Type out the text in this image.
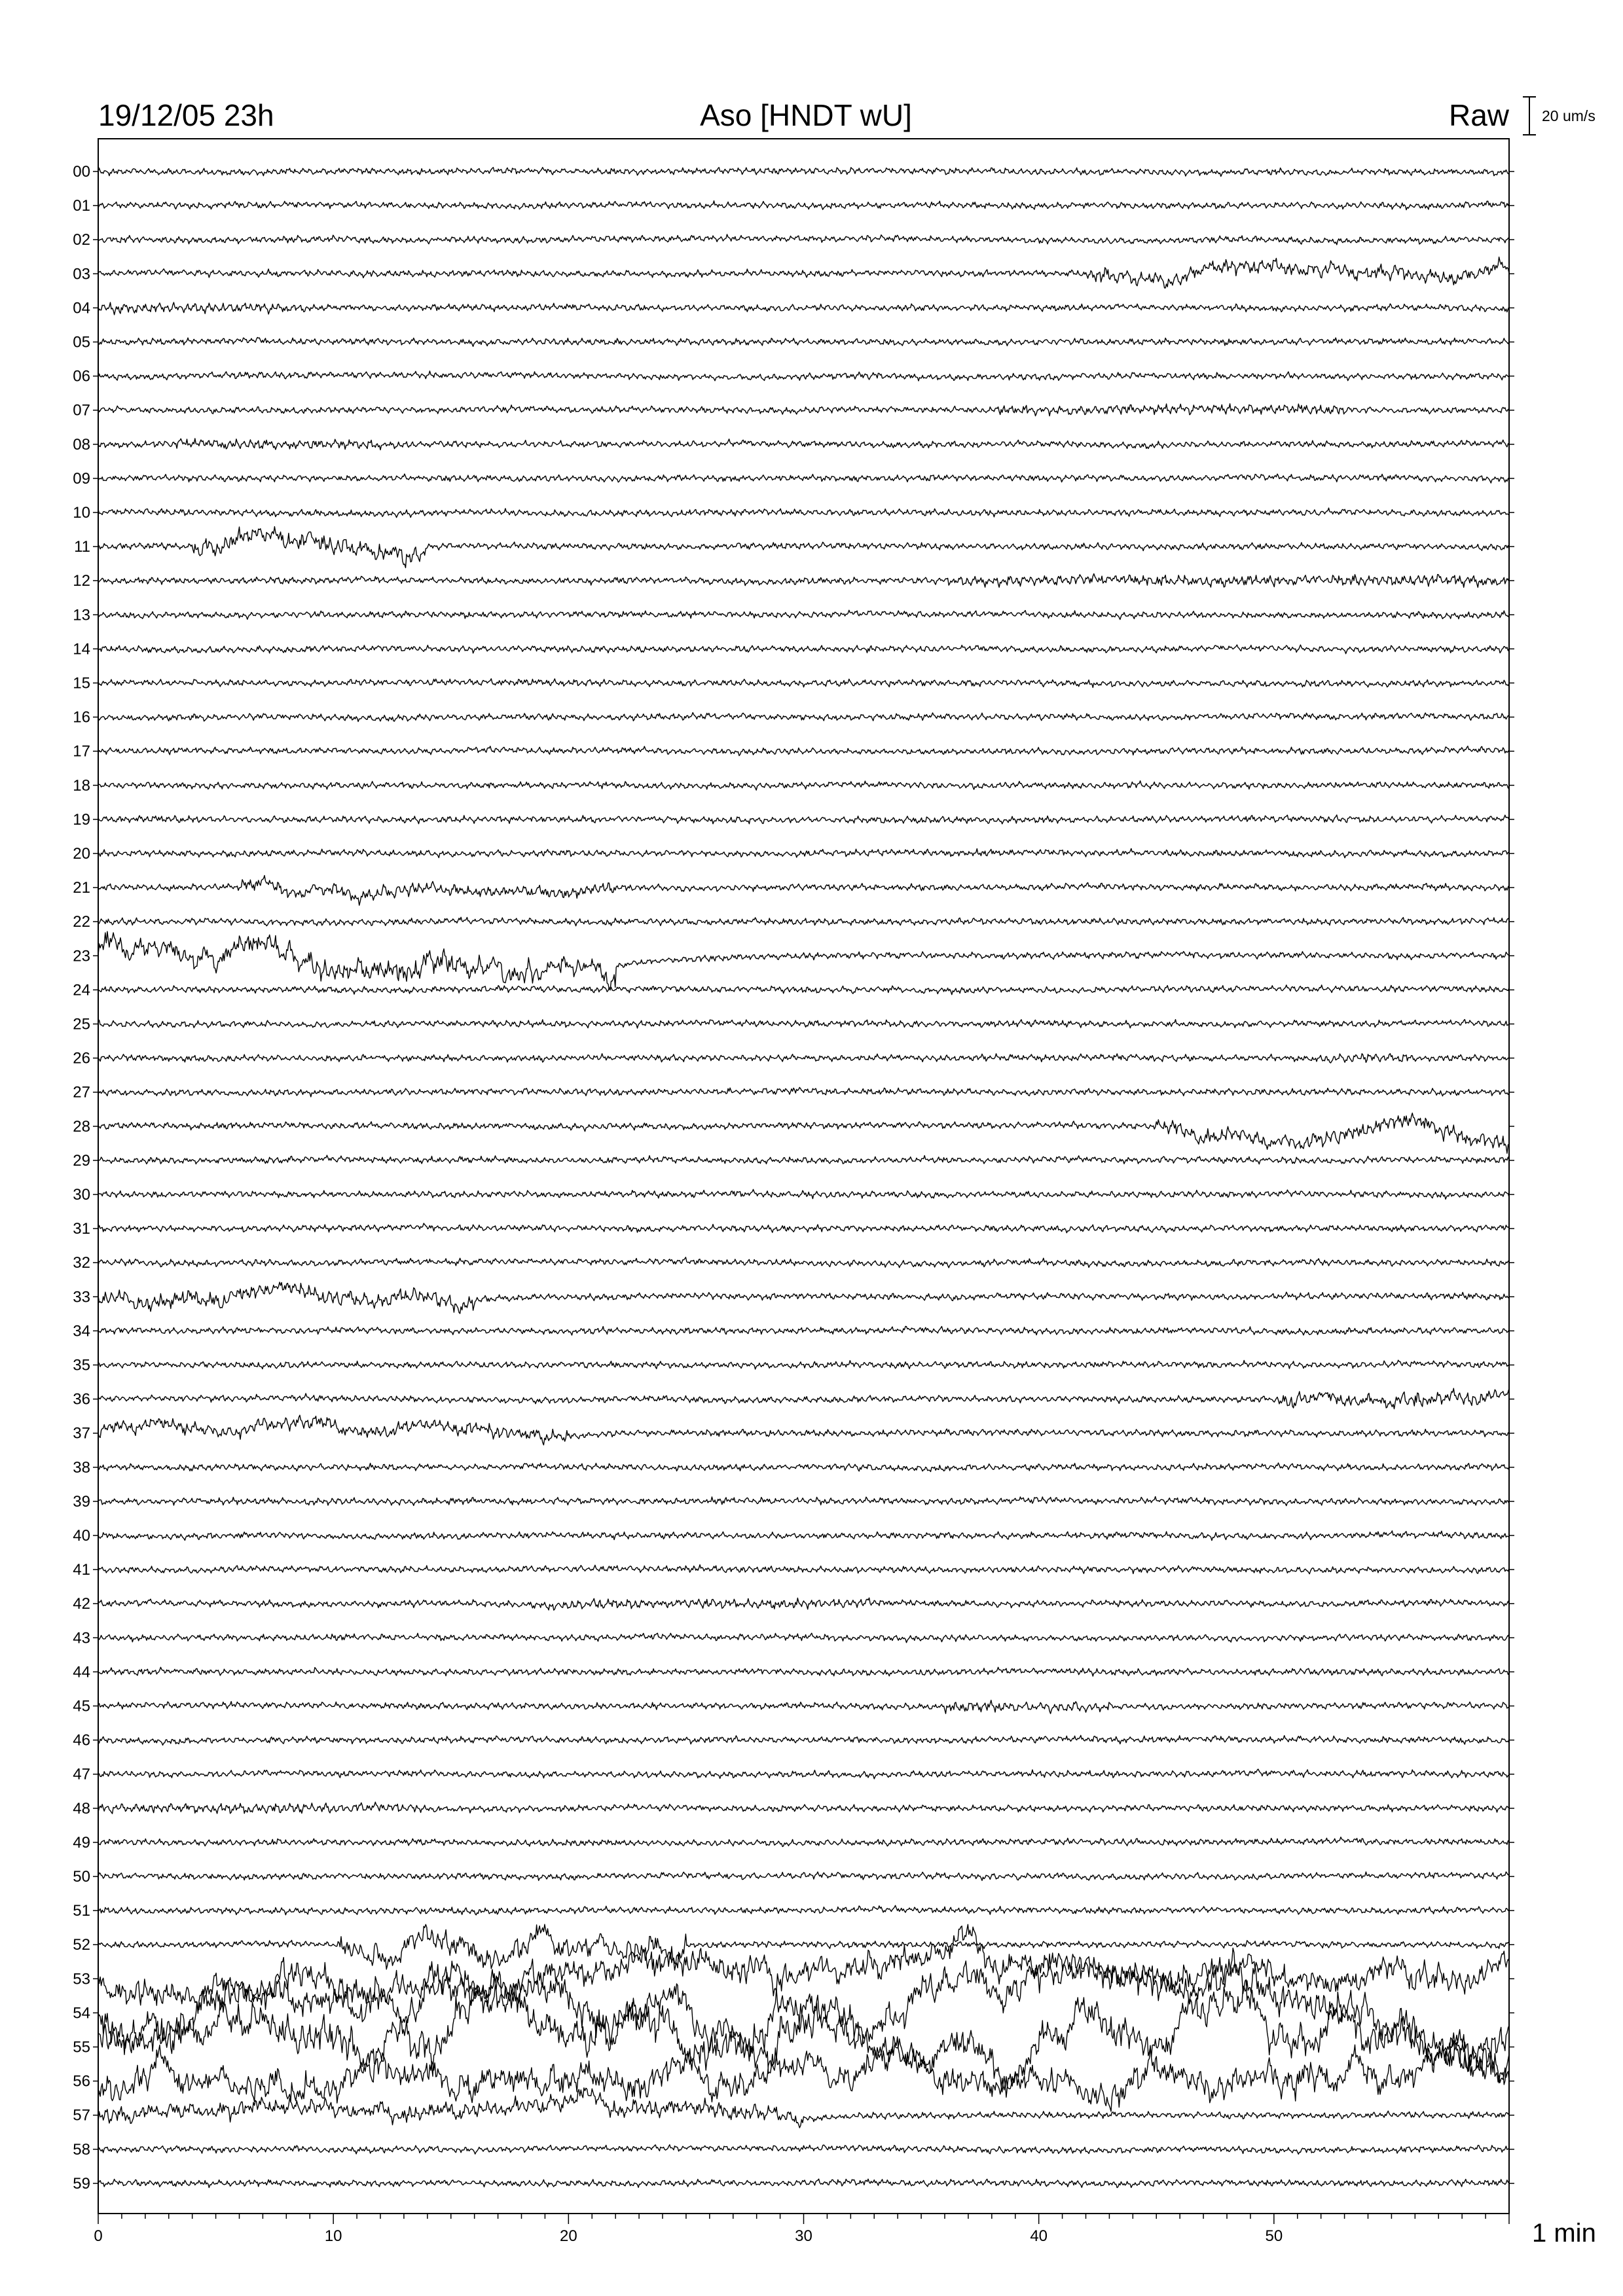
19/12/05 23h	Aso [HNDT wU]	Raw 20 um/s
00
01
02
03
04
05
06
07
08
09
10
11
12
13
14
15
16
17
18
19
20
21
22
23
24
25
26
27
28
29
30
31
32
33
34
35
36
37
38
39
40
41
42
43
44
45
46
47
48
49
50
51
52
53
54
55
56
57
58
59
0	10	20	30	40	50	1 min
